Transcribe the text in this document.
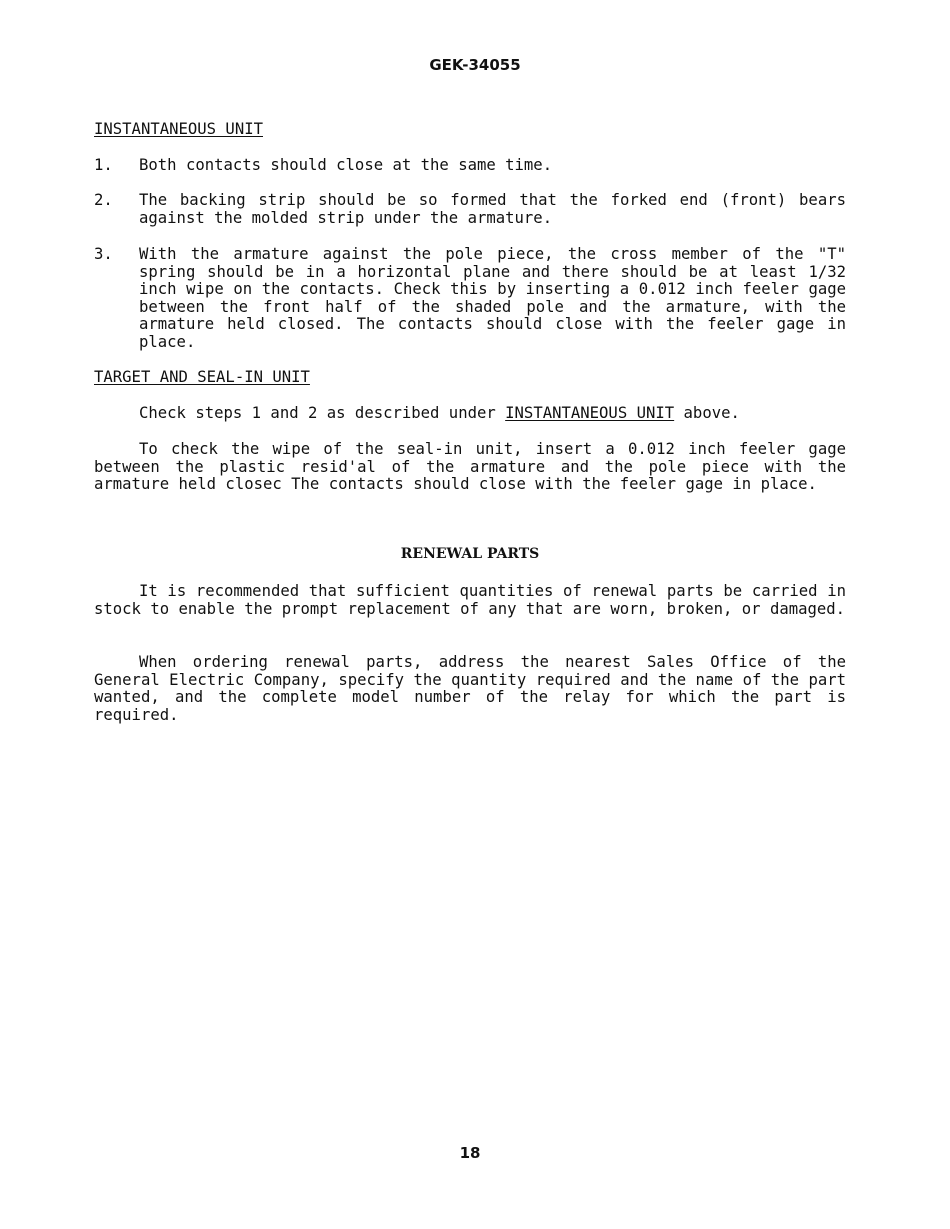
GEK-34055
INSTANTANEOUS UNIT
1. Both contacts should close at the same time.
2. The backing strip should be so formed that the forked end (front) bears against the molded strip under the armature.
3. With the armature against the pole piece, the cross member of the "T" spring should be in a horizontal plane and there should be at least 1/32 inch wipe on the contacts. Check this by inserting a 0.012 inch feeler gage between the front half of the shaded pole and the armature, with the armature held closed. The contacts should close with the feeler gage in place.
TARGET AND SEAL-IN UNIT
Check steps 1 and 2 as described under INSTANTANEOUS UNIT above.
To check the wipe of the seal-in unit, insert a 0.012 inch feeler gage between the plastic resid'al of the armature and the pole piece with the armature held closec The contacts should close with the feeler gage in place.
RENEWAL PARTS
It is recommended that sufficient quantities of renewal parts be carried in stock to enable the prompt replacement of any that are worn, broken, or damaged.
When ordering renewal parts, address the nearest Sales Office of the General Electric Company, specify the quantity required and the name of the part wanted, and the complete model number of the relay for which the part is required.
18
